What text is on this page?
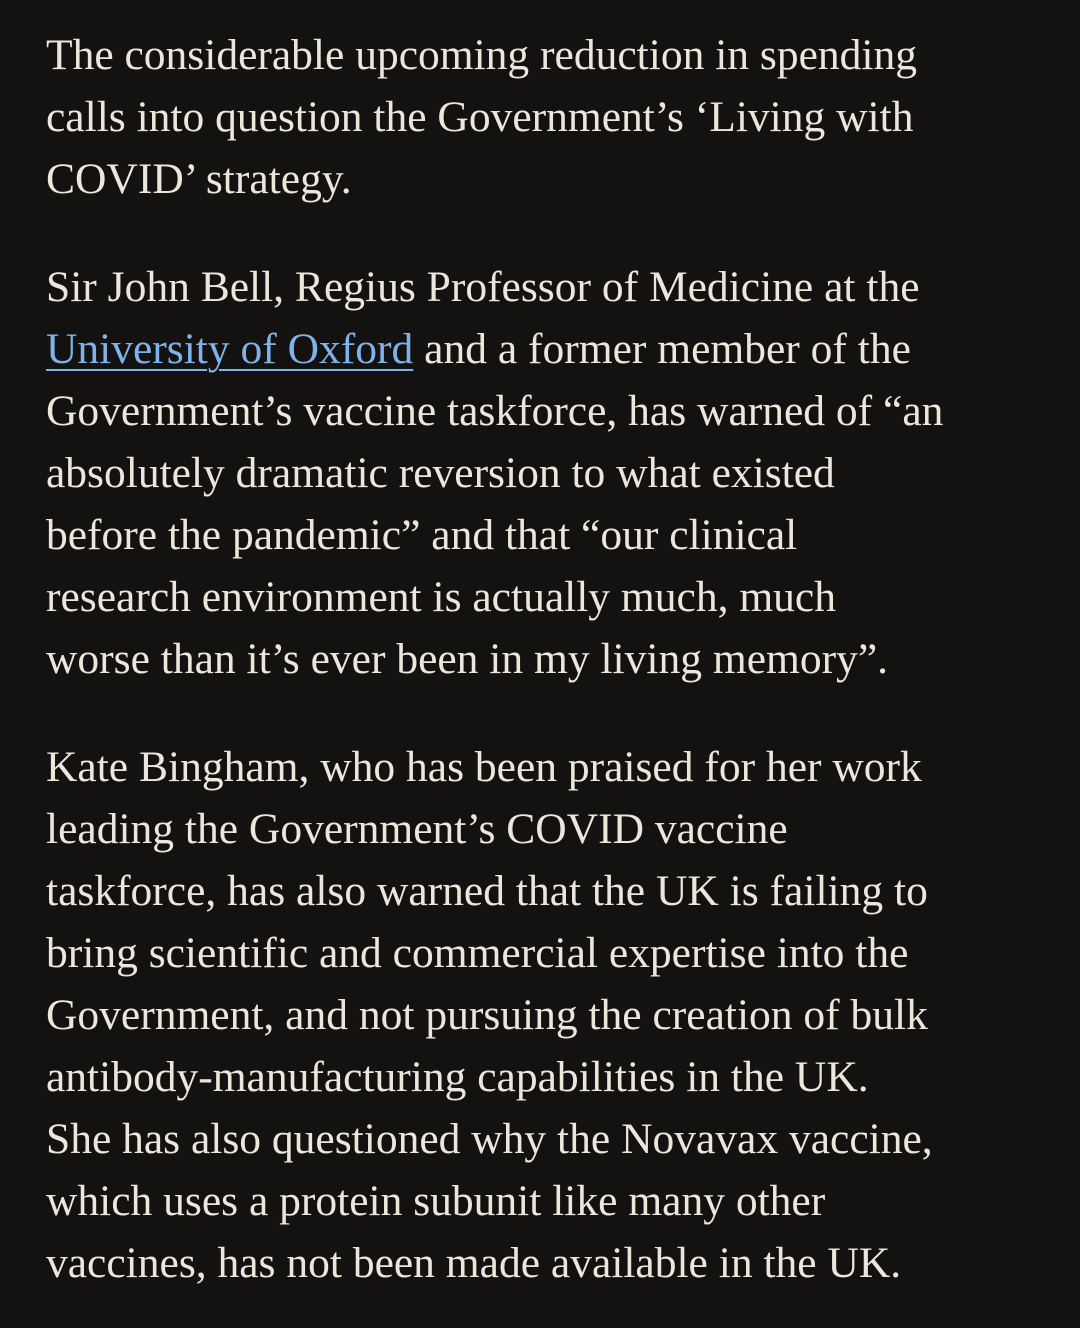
The considerable upcoming reduction in spending
calls into question the Government’s ‘Living with
COVID’ strategy.

Sir John Bell, Regius Professor of Medicine at the
University of Oxford and a former member of the
Government’s vaccine taskforce, has warned of “an
absolutely dramatic reversion to what existed
before the pandemic” and that “our clinical
research environment is actually much, much
worse than it’s ever been in my living memory”.

Kate Bingham, who has been praised for her work
leading the Government’s COVID vaccine
taskforce, has also warned that the UK is failing to
bring scientific and commercial expertise into the
Government, and not pursuing the creation of bulk
antibody-manufacturing capabilities in the UK.
She has also questioned why the Novavax vaccine,
which uses a protein subunit like many other
vaccines, has not been made available in the UK.
